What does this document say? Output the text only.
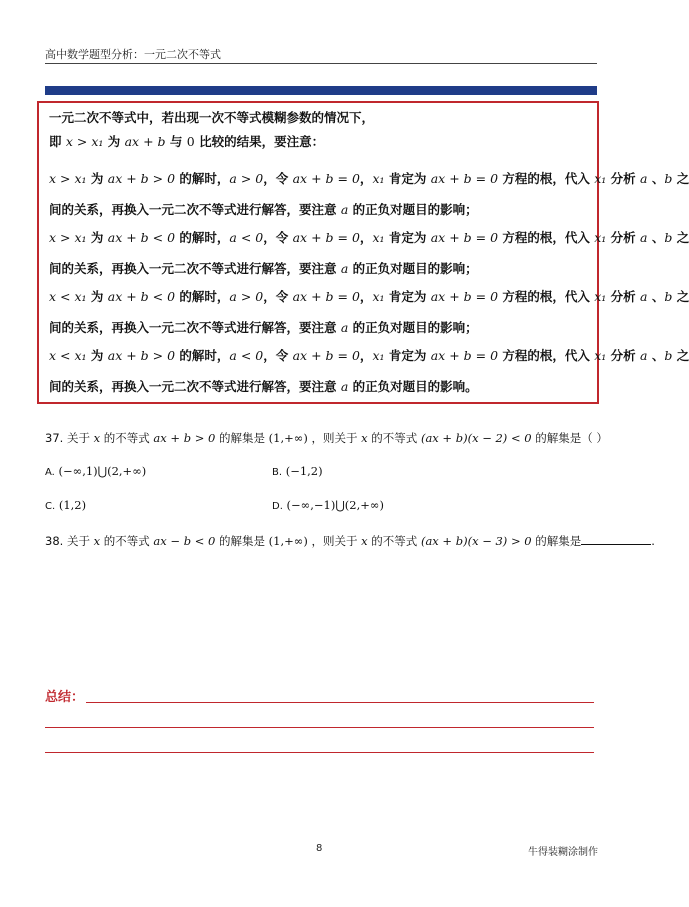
高中数学题型分析：一元二次不等式
一元二次不等式中，若出现一次不等式模糊参数的情况下，
即 x > x₁ 为 ax + b 与 0 比较的结果，要注意：
x > x₁ 为 ax + b > 0 的解时，a > 0，令 ax + b = 0，x₁ 肯定为 ax + b = 0 方程的根，代入 x₁ 分析 a 、b 之
间的关系，再换入一元二次不等式进行解答，要注意 a 的正负对题目的影响；
x > x₁ 为 ax + b < 0 的解时，a < 0，令 ax + b = 0，x₁ 肯定为 ax + b = 0 方程的根，代入 x₁ 分析 a 、b 之
间的关系，再换入一元二次不等式进行解答，要注意 a 的正负对题目的影响；
x < x₁ 为 ax + b < 0 的解时，a > 0，令 ax + b = 0，x₁ 肯定为 ax + b = 0 方程的根，代入 x₁ 分析 a 、b 之
间的关系，再换入一元二次不等式进行解答，要注意 a 的正负对题目的影响；
x < x₁ 为 ax + b > 0 的解时，a < 0，令 ax + b = 0，x₁ 肯定为 ax + b = 0 方程的根，代入 x₁ 分析 a 、b 之
间的关系，再换入一元二次不等式进行解答，要注意 a 的正负对题目的影响。
37. 关于 x 的不等式 ax + b > 0 的解集是 (1,+∞) ，则关于 x 的不等式 (ax + b)(x − 2) < 0 的解集是（ ）
A. (−∞,1)⋃(2,+∞)	B. (−1,2)
C. (1,2)	D. (−∞,−1)⋃(2,+∞)
38. 关于 x 的不等式 ax − b < 0 的解集是 (1,+∞) ，则关于 x 的不等式 (ax + b)(x − 3) > 0 的解集是	.
总结：
8	牛得装糊涂制作
